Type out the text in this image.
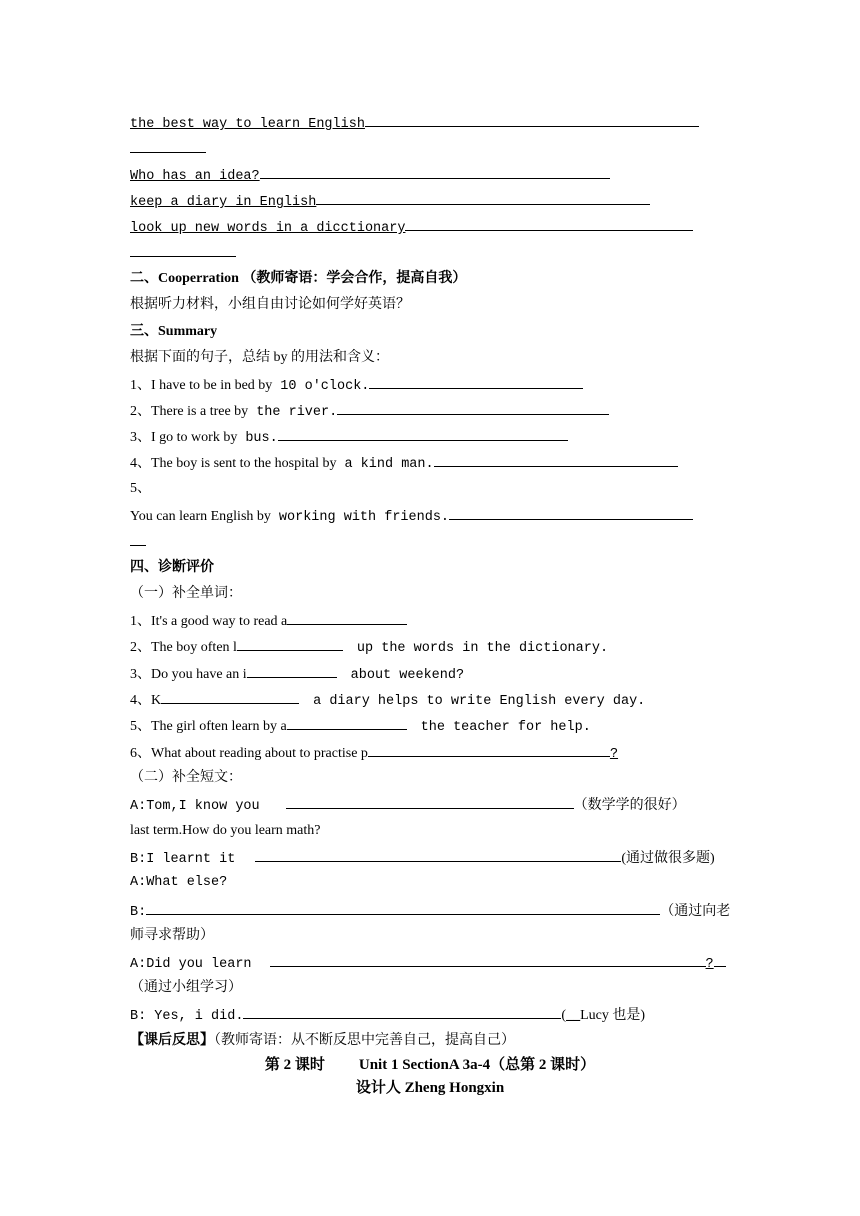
the best way to learn English
Who has an idea?
keep a diary in English
look up new words in a dicctionary
二、Cooperration （教师寄语：学会合作，提高自我）
根据听力材料，小组自由讨论如何学好英语？
三、Summary
根据下面的句子，总结 by 的用法和含义：
1、I have to be in bed by 10 o'clock.
2、There is a tree by the river.
3、I go to work by bus.
4、The boy is sent to the hospital by a kind man.
5、
You can learn English by working with friends.
四、诊断评价
（一）补全单词：
1、It's a good way to read a
2、The boy often l	up the words in the dictionary.
3、Do you have an i	about weekend?
4、K	a diary helps to write English every day.
5、The girl often learn by a	the teacher for help.
6、What about reading about to practise p	?
（二）补全短文：
A:Tom,I know you	（数学学的很好）
last term.How do you learn math?
B:I learnt it	(通过做很多题)
A:What else?
B:	（通过向老
师寻求帮助）
A:Did you learn	?
（通过小组学习）
B: Yes, i did.	(__Lucy 也是)
【课后反思】（教师寄语：从不断反思中完善自己，提高自己）
第 2 课时 Unit 1 SectionA 3a-4（总第 2 课时）
设计人 Zheng Hongxin
